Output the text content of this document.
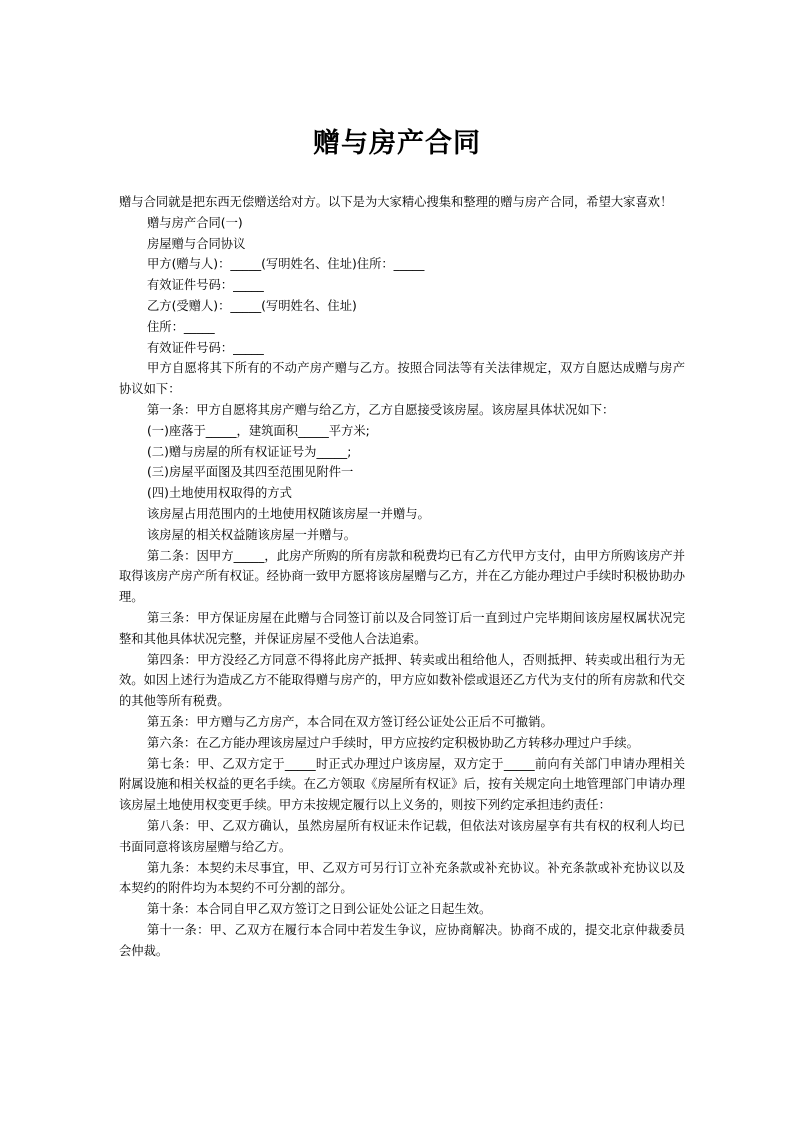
赠与房产合同

赠与合同就是把东西无偿赠送给对方。以下是为大家精心搜集和整理的赠与房产合同，希望大家喜欢！

赠与房产合同(一)

房屋赠与合同协议

甲方(赠与人)：_____(写明姓名、住址)住所：_____

有效证件号码：_____

乙方(受赠人)：_____(写明姓名、住址)

住所：_____

有效证件号码：_____

甲方自愿将其下所有的不动产房产赠与乙方。按照合同法等有关法律规定，双方自愿达成赠与房产协议如下：

第一条：甲方自愿将其房产赠与给乙方，乙方自愿接受该房屋。该房屋具体状况如下：

(一)座落于_____，建筑面积_____平方米;

(二)赠与房屋的所有权证证号为_____;

(三)房屋平面图及其四至范围见附件一

(四)土地使用权取得的方式

该房屋占用范围内的土地使用权随该房屋一并赠与。

该房屋的相关权益随该房屋一并赠与。

第二条：因甲方_____，此房产所购的所有房款和税费均已有乙方代甲方支付，由甲方所购该房产并取得该房产房产所有权证。经协商一致甲方愿将该房屋赠与乙方，并在乙方能办理过户手续时积极协助办理。

第三条：甲方保证房屋在此赠与合同签订前以及合同签订后一直到过户完毕期间该房屋权属状况完整和其他具体状况完整，并保证房屋不受他人合法追索。

第四条：甲方没经乙方同意不得将此房产抵押、转卖或出租给他人，否则抵押、转卖或出租行为无效。如因上述行为造成乙方不能取得赠与房产的，甲方应如数补偿或退还乙方代为支付的所有房款和代交的其他等所有税费。

第五条：甲方赠与乙方房产，本合同在双方签订经公证处公正后不可撤销。

第六条：在乙方能办理该房屋过户手续时，甲方应按约定积极协助乙方转移办理过户手续。

第七条：甲、乙双方定于_____时正式办理过户该房屋，双方定于_____前向有关部门申请办理相关附属设施和相关权益的更名手续。在乙方领取《房屋所有权证》后，按有关规定向土地管理部门申请办理该房屋土地使用权变更手续。甲方未按规定履行以上义务的，则按下列约定承担违约责任：

第八条：甲、乙双方确认，虽然房屋所有权证未作记载，但依法对该房屋享有共有权的权利人均已书面同意将该房屋赠与给乙方。

第九条：本契约未尽事宜，甲、乙双方可另行订立补充条款或补充协议。补充条款或补充协议以及本契约的附件均为本契约不可分割的部分。

第十条：本合同自甲乙双方签订之日到公证处公证之日起生效。

第十一条：甲、乙双方在履行本合同中若发生争议，应协商解决。协商不成的，提交北京仲裁委员会仲裁。
